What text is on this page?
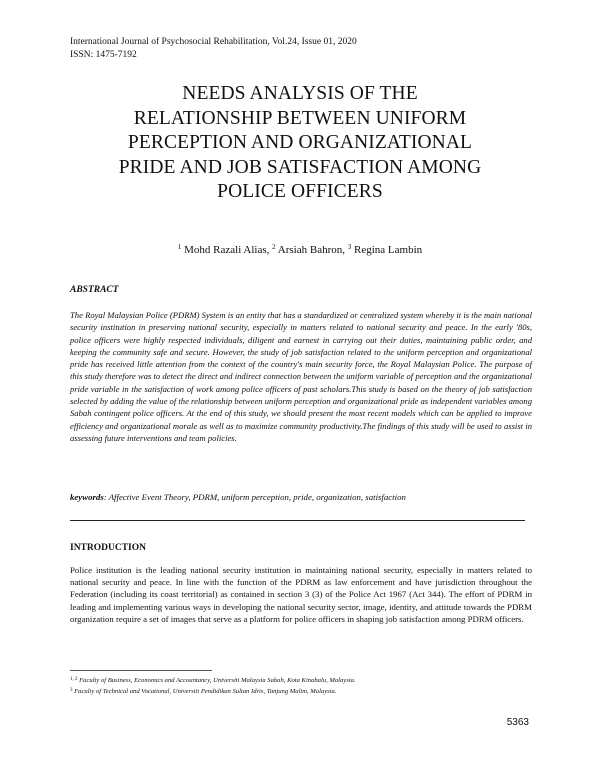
International Journal of Psychosocial Rehabilitation, Vol.24, Issue 01, 2020
ISSN: 1475-7192
NEEDS ANALYSIS OF THE
RELATIONSHIP BETWEEN UNIFORM
PERCEPTION AND ORGANIZATIONAL
PRIDE AND JOB SATISFACTION AMONG
POLICE OFFICERS
$^1$ Mohd Razali Alias, $^2$ Arsiah Bahron, $^3$ Regina Lambin
ABSTRACT
The Royal Malaysian Police (PDRM) System is an entity that has a standardized or centralized system whereby it is the main national security institution in preserving national security, especially in matters related to national security and peace. In the early '80s, police officers were highly respected individuals, diligent and earnest in carrying out their duties, maintaining public order, and keeping the community safe and secure. However, the study of job satisfaction related to the uniform perception and organizational pride has received little attention from the context of the country's main security force, the Royal Malaysian Police. The purpose of this study therefore was to detect the direct and indirect connection between the uniform variable of perception and the organizational pride variable in the satisfaction of work among police officers of past scholars.This study is based on the theory of job satisfaction selected by adding the value of the relationship between uniform perception and organizational pride as independent variables among Sabah contingent police officers. At the end of this study, we should present the most recent models which can be applied to improve efficiency and organizational morale as well as to maximize community productivity.The findings of this study will be used to assist in assessing future interventions and team policies.
keywords: Affective Event Theory, PDRM, uniform perception, pride, organization, satisfaction
INTRODUCTION
Police institution is the leading national security institution in maintaining national security, especially in matters related to national security and peace. In line with the function of the PDRM as law enforcement and have jurisdiction throughout the Federation (including its coast territorial) as contained in section 3 (3) of the Police Act 1967 (Act 344). The effort of PDRM in leading and implementing various ways in developing the national security sector, image, identity, and attitude towards the PDRM organization require a set of images that serve as a platform for police officers in shaping job satisfaction among PDRM officers.
$^{1, 2}$ Faculty of Business, Economics and Accountancy, Universiti Malaysia Sabah, Kota Kinabalu, Malaysia.
$^3$ Faculty of Technical and Vocational, Universiti Pendidikan Sultan Idris, Tanjung Malim, Malaysia.
5363
